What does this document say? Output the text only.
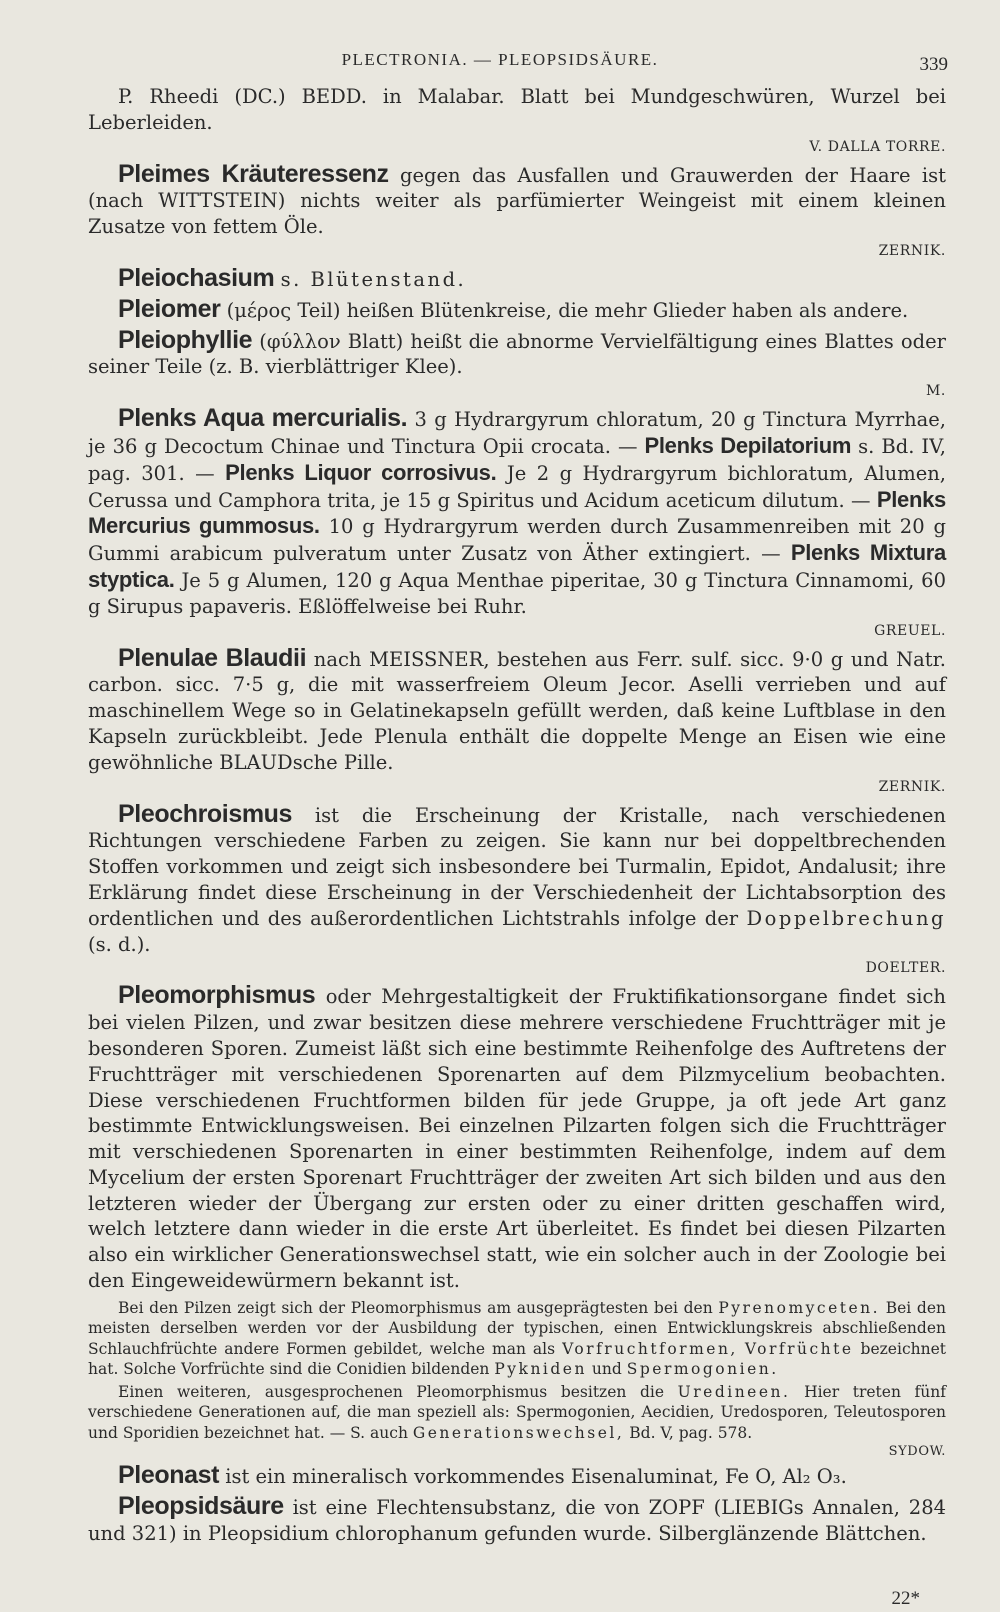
PLECTRONIA. — PLEOPSIDSÄURE.	339

P. Rheedi (DC.) BEDD. in Malabar. Blatt bei Mundgeschwüren, Wurzel bei Leberleiden.
V. DALLA TORRE.

Pleimes Kräuteressenz gegen das Ausfallen und Grauwerden der Haare ist (nach WITTSTEIN) nichts weiter als parfümierter Weingeist mit einem kleinen Zusatze von fettem Öle.
ZERNIK.

Pleiochasium s. Blütenstand.

Pleiomer (μέρος Teil) heißen Blütenkreise, die mehr Glieder haben als andere.

Pleiophyllie (φύλλον Blatt) heißt die abnorme Vervielfältigung eines Blattes oder seiner Teile (z. B. vierblättriger Klee).
M.

Plenks Aqua mercurialis. 3 g Hydrargyrum chloratum, 20 g Tinctura Myrrhae, je 36 g Decoctum Chinae und Tinctura Opii crocata. — Plenks Depilatorium s. Bd. IV, pag. 301. — Plenks Liquor corrosivus. Je 2 g Hydrargyrum bichloratum, Alumen, Cerussa und Camphora trita, je 15 g Spiritus und Acidum aceticum dilutum. — Plenks Mercurius gummosus. 10 g Hydrargyrum werden durch Zusammenreiben mit 20 g Gummi arabicum pulveratum unter Zusatz von Äther extingiert. — Plenks Mixtura styptica. Je 5 g Alumen, 120 g Aqua Menthae piperitae, 30 g Tinctura Cinnamomi, 60 g Sirupus papaveris. Eßlöffelweise bei Ruhr.
GREUEL.

Plenulae Blaudii nach MEISSNER, bestehen aus Ferr. sulf. sicc. 9·0 g und Natr. carbon. sicc. 7·5 g, die mit wasserfreiem Oleum Jecor. Aselli verrieben und auf maschinellem Wege so in Gelatinekapseln gefüllt werden, daß keine Luftblase in den Kapseln zurückbleibt. Jede Plenula enthält die doppelte Menge an Eisen wie eine gewöhnliche BLAUDsche Pille.
ZERNIK.

Pleochroismus ist die Erscheinung der Kristalle, nach verschiedenen Richtungen verschiedene Farben zu zeigen. Sie kann nur bei doppeltbrechenden Stoffen vorkommen und zeigt sich insbesondere bei Turmalin, Epidot, Andalusit; ihre Erklärung findet diese Erscheinung in der Verschiedenheit der Lichtabsorption des ordentlichen und des außerordentlichen Lichtstrahls infolge der Doppelbrechung (s. d.).
DOELTER.

Pleomorphismus oder Mehrgestaltigkeit der Fruktifikationsorgane findet sich bei vielen Pilzen, und zwar besitzen diese mehrere verschiedene Fruchtträger mit je besonderen Sporen. Zumeist läßt sich eine bestimmte Reihenfolge des Auftretens der Fruchtträger mit verschiedenen Sporenarten auf dem Pilzmycelium beobachten. Diese verschiedenen Fruchtformen bilden für jede Gruppe, ja oft jede Art ganz bestimmte Entwicklungsweisen. Bei einzelnen Pilzarten folgen sich die Fruchtträger mit verschiedenen Sporenarten in einer bestimmten Reihenfolge, indem auf dem Mycelium der ersten Sporenart Fruchtträger der zweiten Art sich bilden und aus den letzteren wieder der Übergang zur ersten oder zu einer dritten geschaffen wird, welch letztere dann wieder in die erste Art überleitet. Es findet bei diesen Pilzarten also ein wirklicher Generationswechsel statt, wie ein solcher auch in der Zoologie bei den Eingeweidewürmern bekannt ist.

Bei den Pilzen zeigt sich der Pleomorphismus am ausgeprägtesten bei den Pyrenomyceten. Bei den meisten derselben werden vor der Ausbildung der typischen, einen Entwicklungskreis abschließenden Schlauchfrüchte andere Formen gebildet, welche man als Vorfruchtformen, Vorfrüchte bezeichnet hat. Solche Vorfrüchte sind die Conidien bildenden Pykniden und Spermogonien.

Einen weiteren, ausgesprochenen Pleomorphismus besitzen die Uredineen. Hier treten fünf verschiedene Generationen auf, die man speziell als: Spermogonien, Aecidien, Uredosporen, Teleutosporen und Sporidien bezeichnet hat. — S. auch Generationswechsel, Bd. V, pag. 578.
SYDOW.

Pleonast ist ein mineralisch vorkommendes Eisenaluminat, Fe O, Al₂ O₃.

Pleopsidsäure ist eine Flechtensubstanz, die von ZOPF (LIEBIGs Annalen, 284 und 321) in Pleopsidium chlorophanum gefunden wurde. Silberglänzende Blättchen.

22*
